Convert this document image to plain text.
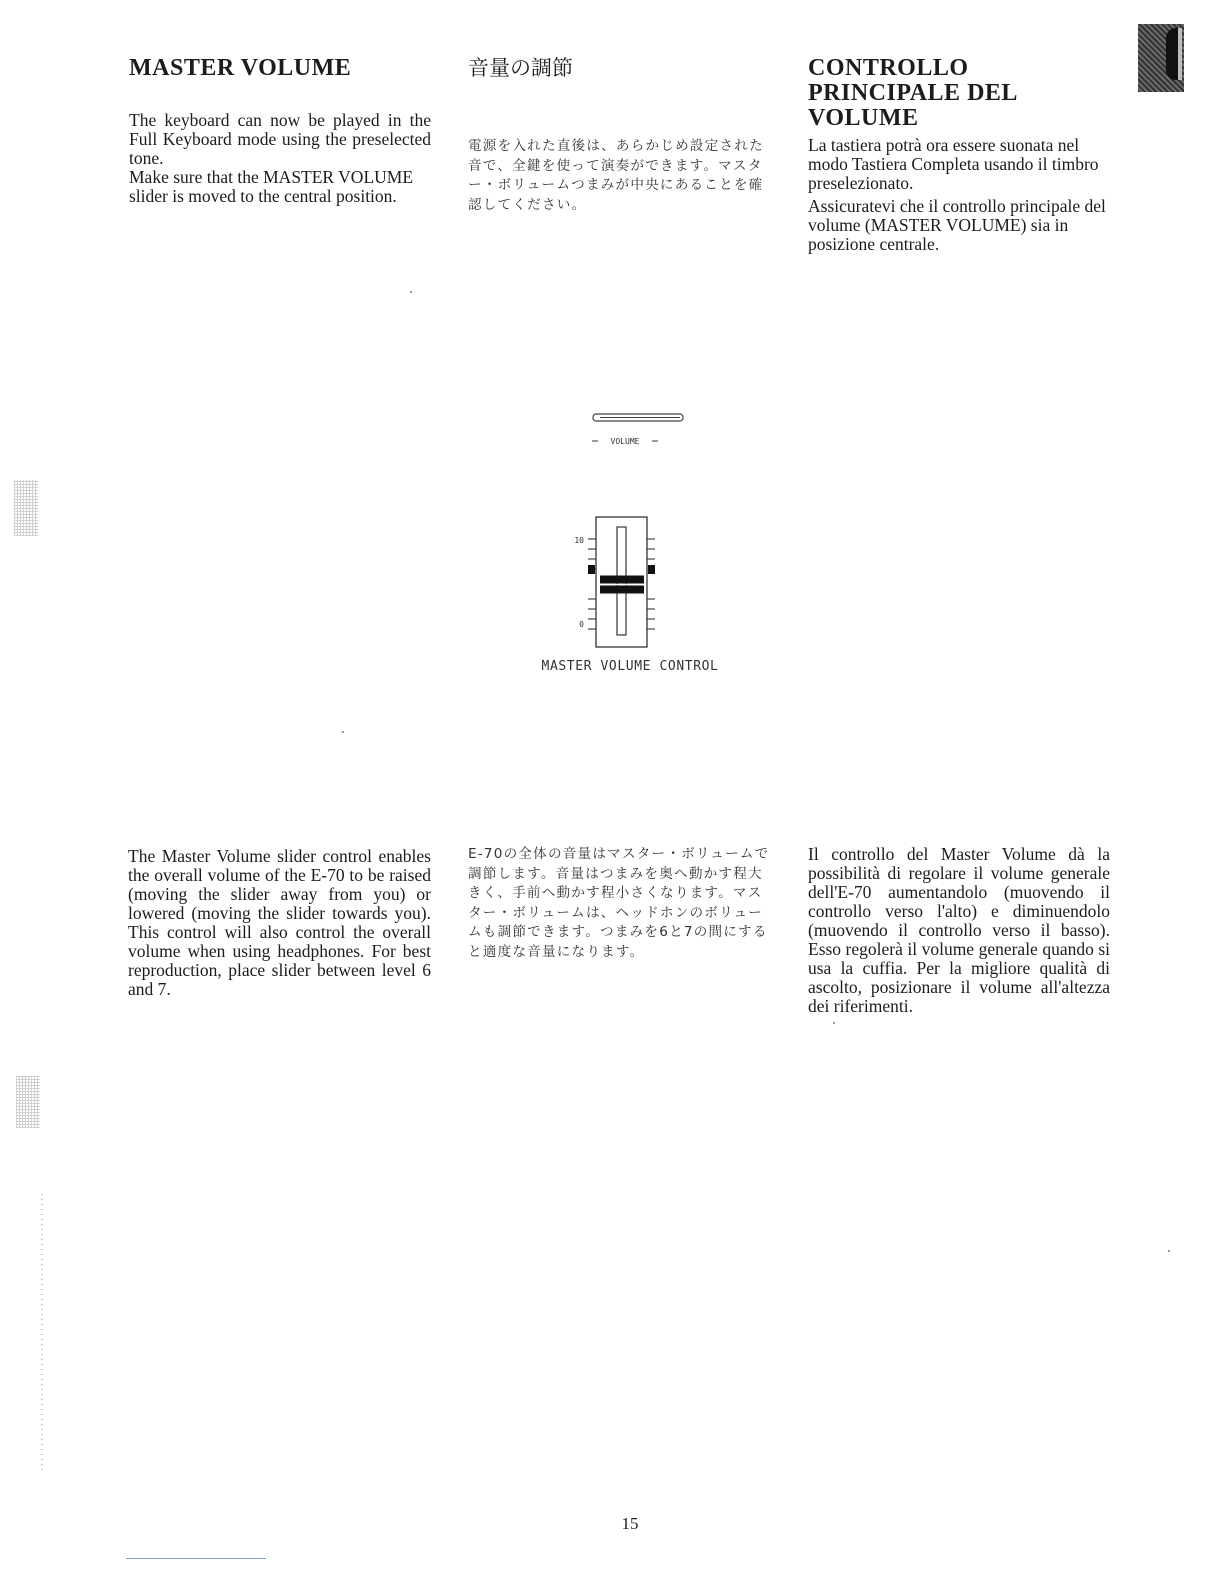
MASTER VOLUME

The keyboard can now be played in the Full Keyboard mode using the preselected tone.

Make sure that the MASTER VOLUME slider is moved to the central position.

音量の調節

電源を入れた直後は、あらかじめ設定された音で、全鍵を使って演奏ができます。マスター・ボリュームつまみが中央にあることを確認してください。

CONTROLLO PRINCIPALE DEL VOLUME

La tastiera potrà ora essere suonata nel modo Tastiera Completa usando il timbro preselezionato.

Assicuratevi che il controllo principale del volume (MASTER VOLUME) sia in posizione centrale.

VOLUME
10
0
MASTER VOLUME CONTROL

The Master Volume slider control enables the overall volume of the E-70 to be raised (moving the slider away from you) or lowered (moving the slider towards you). This control will also control the overall volume when using headphones. For best reproduction, place slider between level 6 and 7.

E-70の全体の音量はマスター・ボリュームで調節します。音量はつまみを奥へ動かす程大きく、手前へ動かす程小さくなります。マスター・ボリュームは、ヘッドホンのボリュームも調節できます。つまみを6と7の間にすると適度な音量になります。

Il controllo del Master Volume dà la possibilità di regolare il volume generale dell'E-70 aumentandolo (muovendo il controllo verso l'alto) e diminuendolo (muovendo il controllo verso il basso). Esso regolerà il volume generale quando si usa la cuffia. Per la migliore qualità di ascolto, posizionare il volume all'altezza dei riferimenti.

15
